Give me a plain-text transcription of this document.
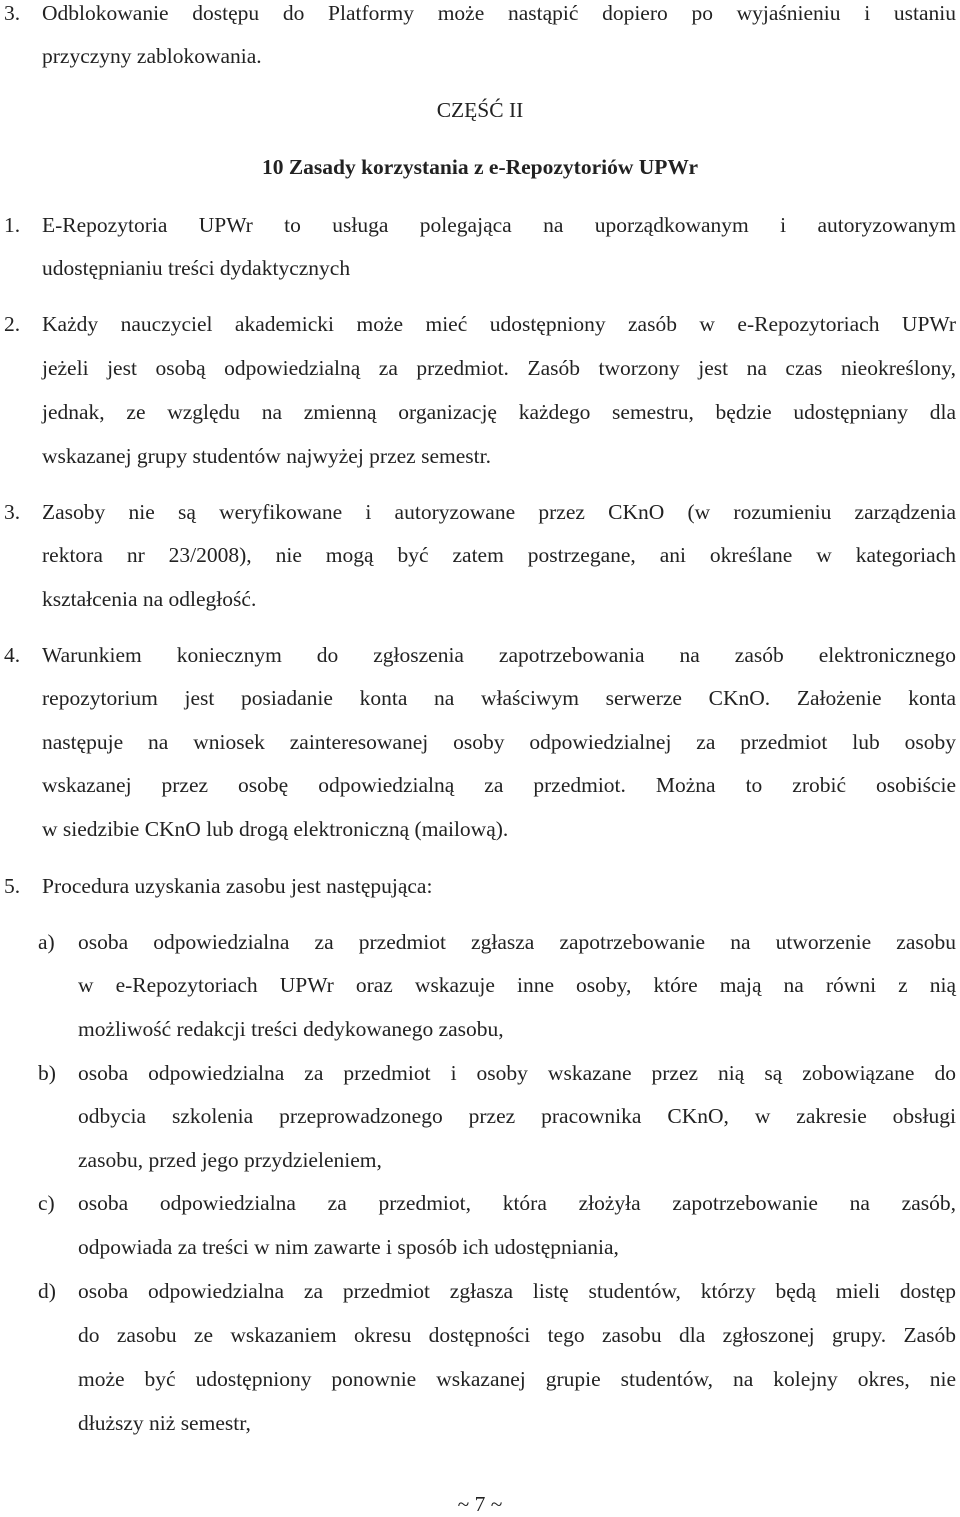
3. Odblokowanie dostępu do Platformy może nastąpić dopiero po wyjaśnieniu i ustaniu
przyczyny zablokowania.
CZĘŚĆ II
10 Zasady korzystania z e-Repozytoriów UPWr
1. E-Repozytoria UPWr to usługa polegająca na uporządkowanym i autoryzowanym
udostępnianiu treści dydaktycznych
2. Każdy nauczyciel akademicki może mieć udostępniony zasób w e-Repozytoriach UPWr
jeżeli jest osobą odpowiedzialną za przedmiot. Zasób tworzony jest na czas nieokreślony,
jednak, ze względu na zmienną organizację każdego semestru, będzie udostępniany dla
wskazanej grupy studentów najwyżej przez semestr.
3. Zasoby nie są weryfikowane i autoryzowane przez CKnO (w rozumieniu zarządzenia
rektora nr 23/2008), nie mogą być zatem postrzegane, ani określane w kategoriach
kształcenia na odległość.
4. Warunkiem koniecznym do zgłoszenia zapotrzebowania na zasób elektronicznego
repozytorium jest posiadanie konta na właściwym serwerze CKnO. Założenie konta
następuje na wniosek zainteresowanej osoby odpowiedzialnej za przedmiot lub osoby
wskazanej przez osobę odpowiedzialną za przedmiot. Można to zrobić osobiście
w siedzibie CKnO lub drogą elektroniczną (mailową).
5. Procedura uzyskania zasobu jest następująca:
a) osoba odpowiedzialna za przedmiot zgłasza zapotrzebowanie na utworzenie zasobu
w e-Repozytoriach UPWr oraz wskazuje inne osoby, które mają na równi z nią
możliwość redakcji treści dedykowanego zasobu,
b) osoba odpowiedzialna za przedmiot i osoby wskazane przez nią są zobowiązane do
odbycia szkolenia przeprowadzonego przez pracownika CKnO, w zakresie obsługi
zasobu, przed jego przydzieleniem,
c) osoba odpowiedzialna za przedmiot, która złożyła zapotrzebowanie na zasób,
odpowiada za treści w nim zawarte i sposób ich udostępniania,
d) osoba odpowiedzialna za przedmiot zgłasza listę studentów, którzy będą mieli dostęp
do zasobu ze wskazaniem okresu dostępności tego zasobu dla zgłoszonej grupy. Zasób
może być udostępniony ponownie wskazanej grupie studentów, na kolejny okres, nie
dłuższy niż semestr,
~ 7 ~
